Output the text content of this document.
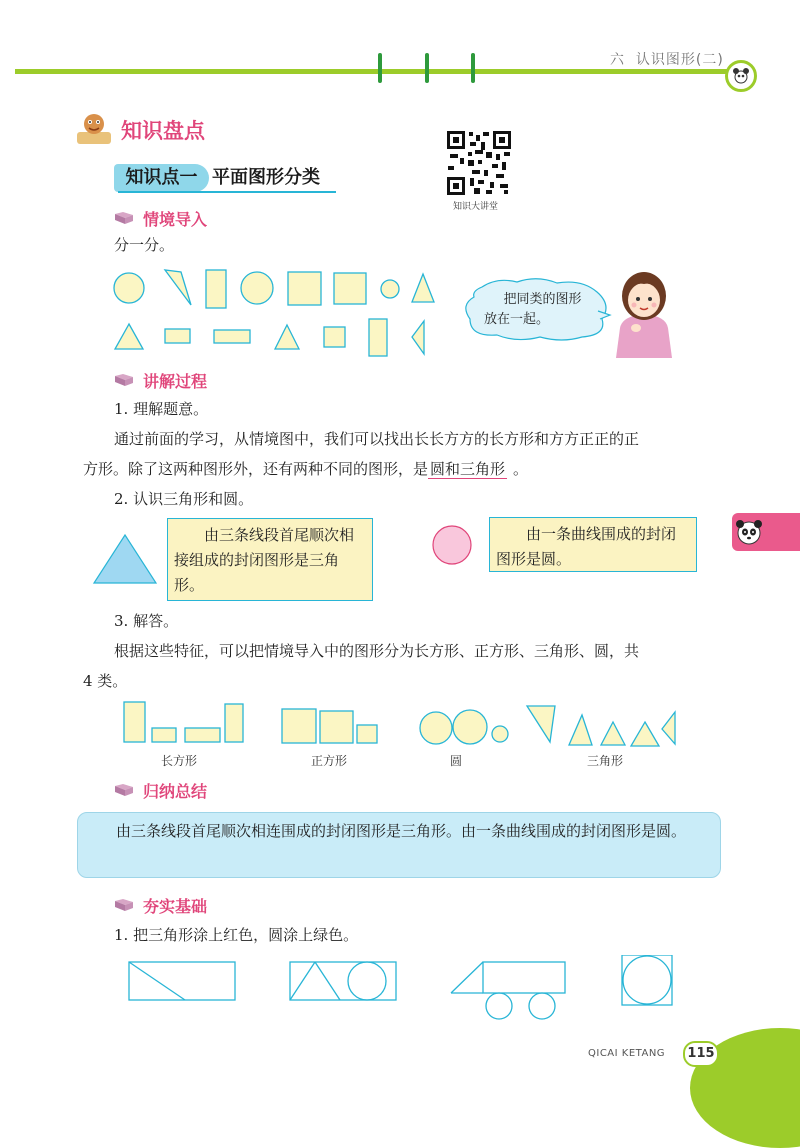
六  认识图形(二)
知识盘点
知识点一 平面图形分类
知识大讲堂
情境导入
分一分。
把同类的图形放在一起。
讲解过程
1. 理解题意。
通过前面的学习，从情境图中，我们可以找出长长方方的长方形和方方正正的正
方形。除了这两种图形外，还有两种不同的图形，是 圆和三角形 。
2. 认识三角形和圆。
由三条线段首尾顺次相接组成的封闭图形是三角形。
由一条曲线围成的封闭图形是圆。
3. 解答。
根据这些特征，可以把情境导入中的图形分为长方形、正方形、三角形、圆，共
4 类。
长方形	正方形	圆	三角形
归纳总结
由三条线段首尾顺次相连围成的封闭图形是三角形。由一条曲线围成的封闭图形是圆。
夯实基础
1. 把三角形涂上红色，圆涂上绿色。
QICAI KETANG	115
